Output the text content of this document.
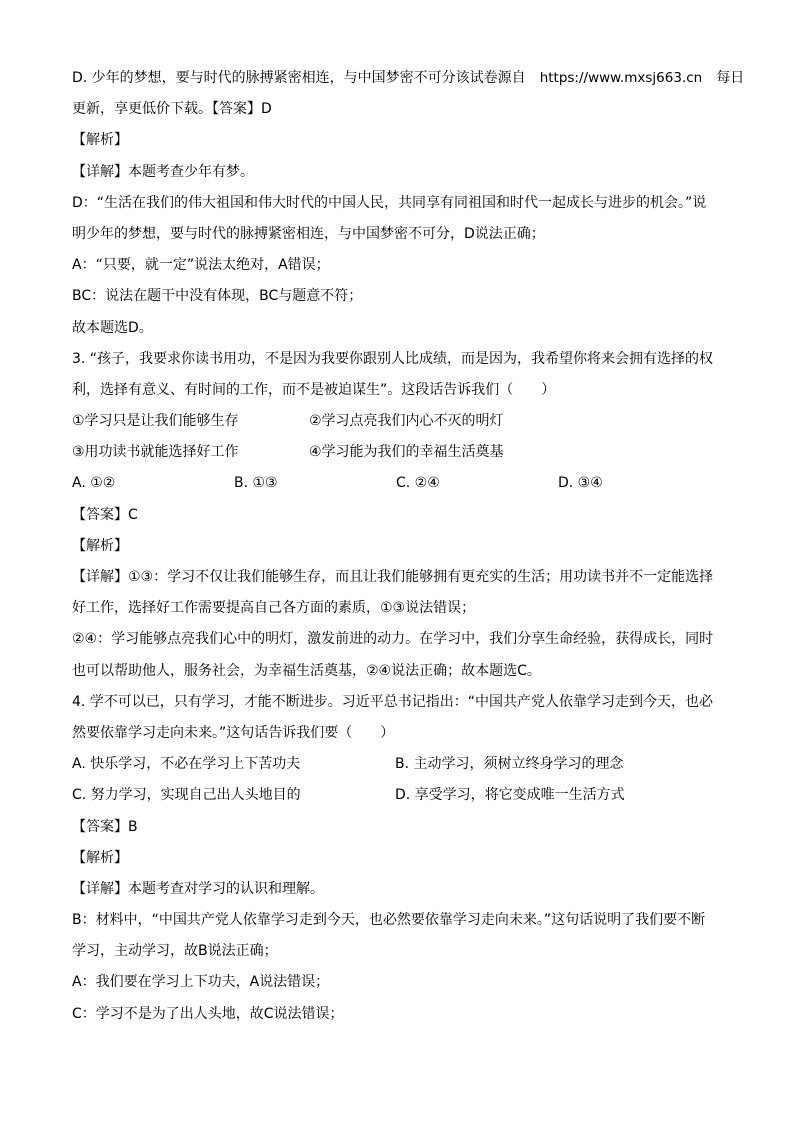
D. 少年的梦想，要与时代的脉搏紧密相连，与中国梦密不可分该试卷源自 https://www.mxsj663.cn 每日
更新，享更低价下载。【答案】D
【解析】
【详解】本题考查少年有梦。
D：“生活在我们的伟大祖国和伟大时代的中国人民，共同享有同祖国和时代一起成长与进步的机会。”说
明少年的梦想，要与时代的脉搏紧密相连，与中国梦密不可分，D说法正确；
A：“只要，就一定”说法太绝对，A错误；
BC：说法在题干中没有体现，BC与题意不符；
故本题选D。
3. “孩子，我要求你读书用功，不是因为我要你跟别人比成绩，而是因为，我希望你将来会拥有选择的权
利，选择有意义、有时间的工作，而不是被迫谋生”。这段话告诉我们（　　）
①学习只是让我们能够生存	②学习点亮我们内心不灭的明灯
③用功读书就能选择好工作	④学习能为我们的幸福生活奠基
A. ①②	B. ①③	C. ②④	D. ③④
【答案】C
【解析】
【详解】①③：学习不仅让我们能够生存，而且让我们能够拥有更充实的生活；用功读书并不一定能选择
好工作，选择好工作需要提高自己各方面的素质，①③说法错误；
②④：学习能够点亮我们心中的明灯，激发前进的动力。在学习中，我们分享生命经验，获得成长，同时
也可以帮助他人，服务社会，为幸福生活奠基，②④说法正确；故本题选C。
4. 学不可以已，只有学习，才能不断进步。习近平总书记指出：“中国共产党人依靠学习走到今天，也必
然要依靠学习走向未来。”这句话告诉我们要（　　）
A. 快乐学习，不必在学习上下苦功夫	B. 主动学习，须树立终身学习的理念
C. 努力学习，实现自己出人头地目的	D. 享受学习，将它变成唯一生活方式
【答案】B
【解析】
【详解】本题考查对学习的认识和理解。
B：材料中，“中国共产党人依靠学习走到今天，也必然要依靠学习走向未来。”这句话说明了我们要不断
学习，主动学习，故B说法正确；
A：我们要在学习上下功夫，A说法错误；
C：学习不是为了出人头地，故C说法错误；
